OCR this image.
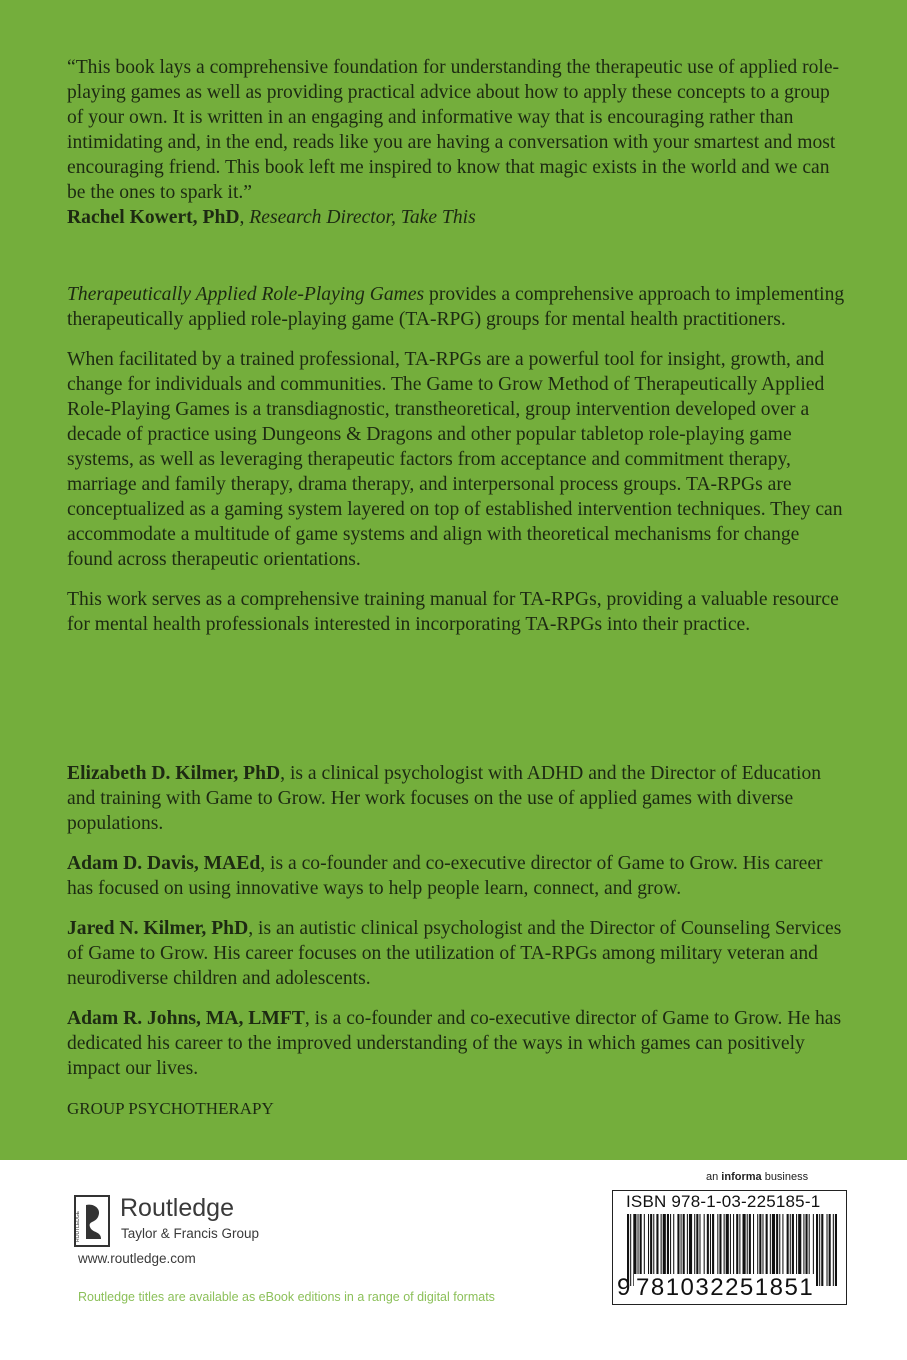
“This book lays a comprehensive foundation for understanding the therapeutic use of applied role-playing games as well as providing practical advice about how to apply these concepts to a group of your own. It is written in an engaging and informative way that is encouraging rather than intimidating and, in the end, reads like you are having a conversation with your smartest and most encouraging friend. This book left me inspired to know that magic exists in the world and we can be the ones to spark it.”

Rachel Kowert, PhD, Research Director, Take This

Therapeutically Applied Role-Playing Games provides a comprehensive approach to implementing therapeutically applied role-playing game (TA-RPG) groups for mental health practitioners.

When facilitated by a trained professional, TA-RPGs are a powerful tool for insight, growth, and change for individuals and communities. The Game to Grow Method of Therapeutically Applied Role-Playing Games is a transdiagnostic, transtheoretical, group intervention developed over a decade of practice using Dungeons & Dragons and other popular tabletop role-playing game systems, as well as leveraging therapeutic factors from acceptance and commitment therapy, marriage and family therapy, drama therapy, and interpersonal process groups. TA-RPGs are conceptualized as a gaming system layered on top of established intervention techniques. They can accommodate a multitude of game systems and align with theoretical mechanisms for change found across therapeutic orientations.

This work serves as a comprehensive training manual for TA-RPGs, providing a valuable resource for mental health professionals interested in incorporating TA-RPGs into their practice.

Elizabeth D. Kilmer, PhD, is a clinical psychologist with ADHD and the Director of Education and training with Game to Grow. Her work focuses on the use of applied games with diverse populations.

Adam D. Davis, MAEd, is a co-founder and co-executive director of Game to Grow. His career has focused on using innovative ways to help people learn, connect, and grow.

Jared N. Kilmer, PhD, is an autistic clinical psychologist and the Director of Counseling Services of Game to Grow. His career focuses on the utilization of TA-RPGs among military veteran and neurodiverse children and adolescents.

Adam R. Johns, MA, LMFT, is a co-founder and co-executive director of Game to Grow. He has dedicated his career to the improved understanding of the ways in which games can positively impact our lives.

GROUP PSYCHOTHERAPY

ROUTLEDGE
Routledge
Taylor & Francis Group
www.routledge.com
Routledge titles are available as eBook editions in a range of digital formats
an informa business
ISBN 978-1-03-225185-1
9 781032251851
